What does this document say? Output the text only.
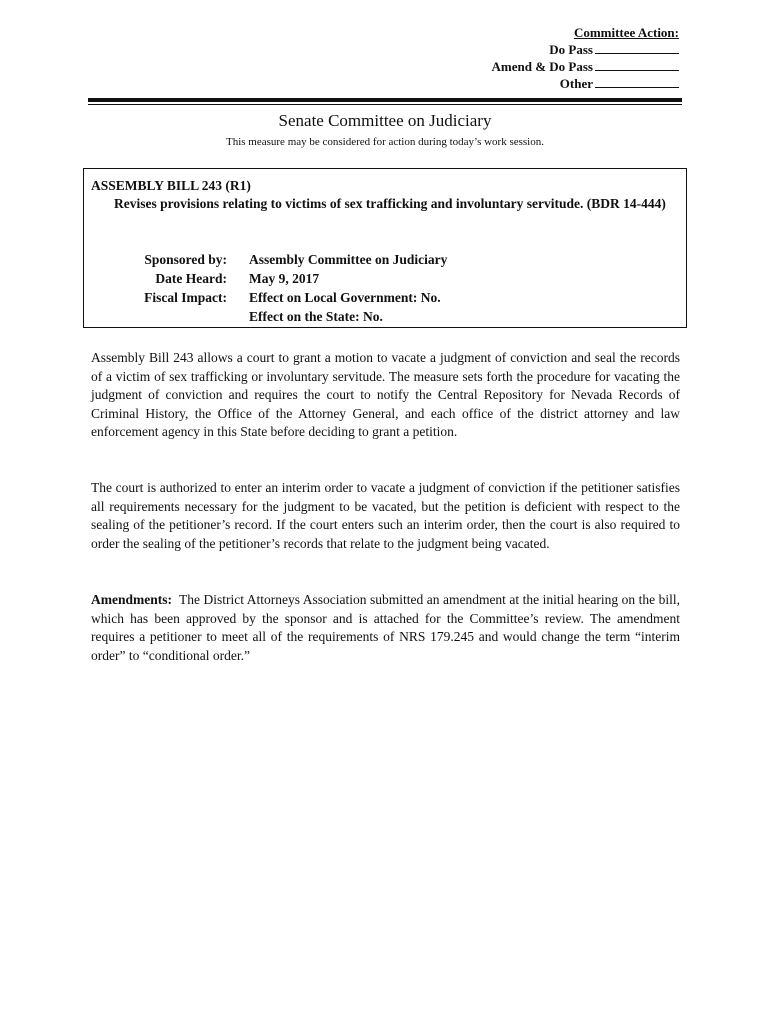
Committee Action:
Do Pass
Amend & Do Pass
Other
Senate Committee on Judiciary
This measure may be considered for action during today’s work session.
ASSEMBLY BILL 243 (R1)
Revises provisions relating to victims of sex trafficking and involuntary servitude. (BDR 14-444)
Sponsored by: Assembly Committee on Judiciary
Date Heard: May 9, 2017
Fiscal Impact: Effect on Local Government: No.
Effect on the State: No.
Assembly Bill 243 allows a court to grant a motion to vacate a judgment of conviction and seal the records of a victim of sex trafficking or involuntary servitude. The measure sets forth the procedure for vacating the judgment of conviction and requires the court to notify the Central Repository for Nevada Records of Criminal History, the Office of the Attorney General, and each office of the district attorney and law enforcement agency in this State before deciding to grant a petition.
The court is authorized to enter an interim order to vacate a judgment of conviction if the petitioner satisfies all requirements necessary for the judgment to be vacated, but the petition is deficient with respect to the sealing of the petitioner’s record. If the court enters such an interim order, then the court is also required to order the sealing of the petitioner’s records that relate to the judgment being vacated.
Amendments: The District Attorneys Association submitted an amendment at the initial hearing on the bill, which has been approved by the sponsor and is attached for the Committee’s review. The amendment requires a petitioner to meet all of the requirements of NRS 179.245 and would change the term “interim order” to “conditional order.”
